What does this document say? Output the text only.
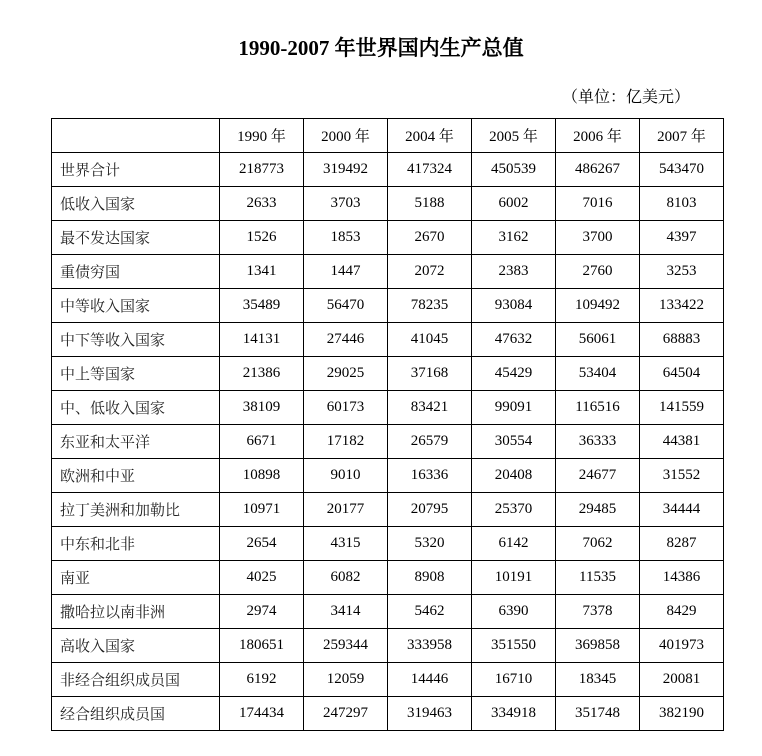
1990-2007 年世界国内生产总值
（单位：亿美元）
	1990 年	2000 年	2004 年	2005 年	2006 年	2007 年
世界合计	218773	319492	417324	450539	486267	543470
低收入国家	2633	3703	5188	6002	7016	8103
最不发达国家	1526	1853	2670	3162	3700	4397
重债穷国	1341	1447	2072	2383	2760	3253
中等收入国家	35489	56470	78235	93084	109492	133422
中下等收入国家	14131	27446	41045	47632	56061	68883
中上等国家	21386	29025	37168	45429	53404	64504
中、低收入国家	38109	60173	83421	99091	116516	141559
东亚和太平洋	6671	17182	26579	30554	36333	44381
欧洲和中亚	10898	9010	16336	20408	24677	31552
拉丁美洲和加勒比	10971	20177	20795	25370	29485	34444
中东和北非	2654	4315	5320	6142	7062	8287
南亚	4025	6082	8908	10191	11535	14386
撒哈拉以南非洲	2974	3414	5462	6390	7378	8429
高收入国家	180651	259344	333958	351550	369858	401973
非经合组织成员国	6192	12059	14446	16710	18345	20081
经合组织成员国	174434	247297	319463	334918	351748	382190
